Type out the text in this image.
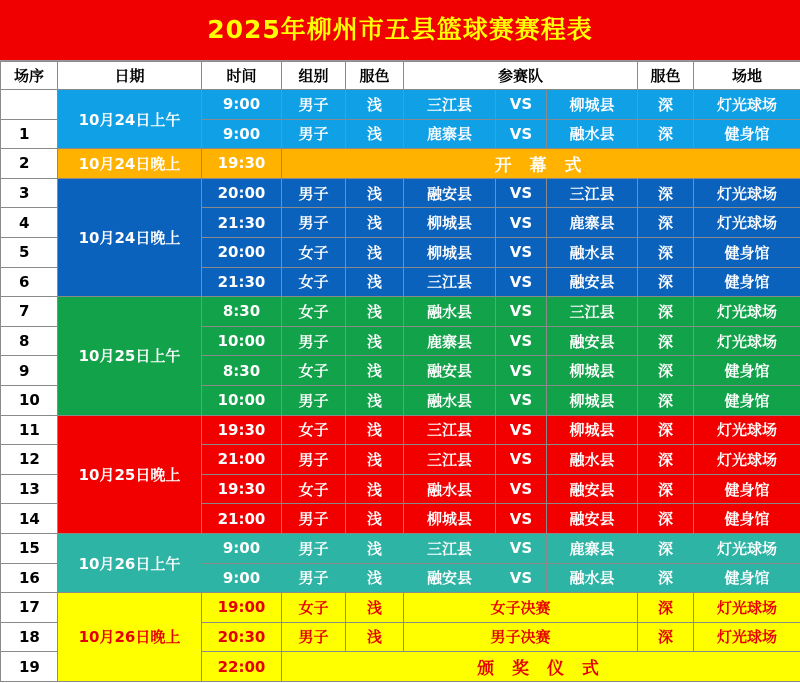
2025年柳州市五县篮球赛赛程表
场序	日期	时间	组别	服色	参赛队			服色	场地
	10月24日上午	9:00	男子	浅	三江县	VS	柳城县	深	灯光球场
1		9:00	男子	浅	鹿寨县	VS	融水县	深	健身馆
2	10月24日晚上	19:30	开 幕 式						
3	10月24日晚上	20:00	男子	浅	融安县	VS	三江县	深	灯光球场
4		21:30	男子	浅	柳城县	VS	鹿寨县	深	灯光球场
5		20:00	女子	浅	柳城县	VS	融水县	深	健身馆
6		21:30	女子	浅	三江县	VS	融安县	深	健身馆
7	10月25日上午	8:30	女子	浅	融水县	VS	三江县	深	灯光球场
8		10:00	男子	浅	鹿寨县	VS	融安县	深	灯光球场
9		8:30	女子	浅	融安县	VS	柳城县	深	健身馆
10		10:00	男子	浅	融水县	VS	柳城县	深	健身馆
11	10月25日晚上	19:30	女子	浅	三江县	VS	柳城县	深	灯光球场
12		21:00	男子	浅	三江县	VS	融水县	深	灯光球场
13		19:30	女子	浅	融水县	VS	融安县	深	健身馆
14		21:00	男子	浅	柳城县	VS	融安县	深	健身馆
15	10月26日上午	9:00	男子	浅	三江县	VS	鹿寨县	深	灯光球场
16		9:00	男子	浅	融安县	VS	融水县	深	健身馆
17	10月26日晚上	19:00	女子	浅	女子决赛			深	灯光球场
18		20:30	男子	浅	男子决赛			深	灯光球场
19		22:00	颁 奖 仪 式						
